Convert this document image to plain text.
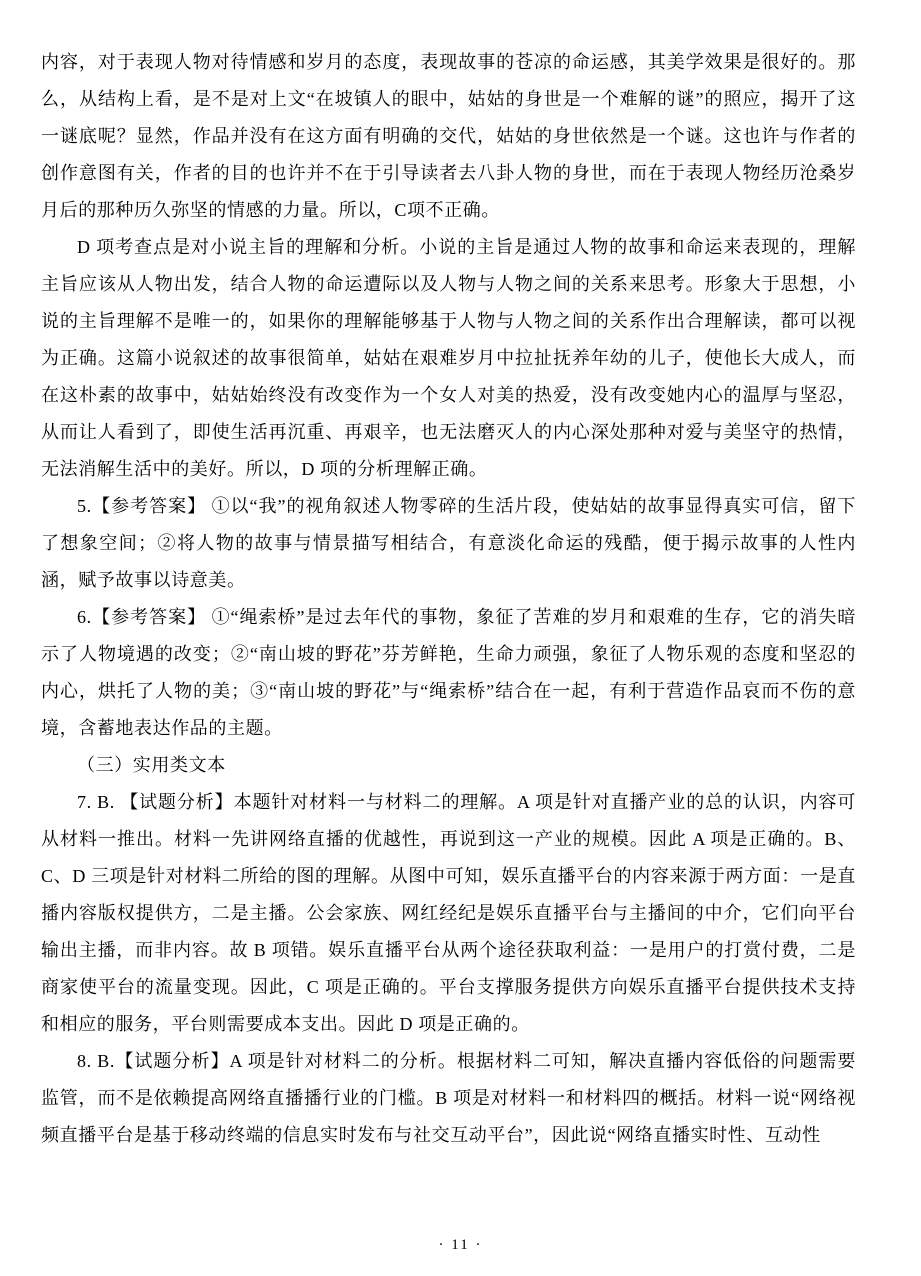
内容，对于表现人物对待情感和岁月的态度，表现故事的苍凉的命运感，其美学效果是很好的。那么，从结构上看，是不是对上文“在坡镇人的眼中，姑姑的身世是一个难解的谜”的照应，揭开了这一谜底呢？显然，作品并没有在这方面有明确的交代，姑姑的身世依然是一个谜。这也许与作者的创作意图有关，作者的目的也许并不在于引导读者去八卦人物的身世，而在于表现人物经历沧桑岁月后的那种历久弥坚的情感的力量。所以，C项不正确。

D 项考查点是对小说主旨的理解和分析。小说的主旨是通过人物的故事和命运来表现的，理解主旨应该从人物出发，结合人物的命运遭际以及人物与人物之间的关系来思考。形象大于思想，小说的主旨理解不是唯一的，如果你的理解能够基于人物与人物之间的关系作出合理解读，都可以视为正确。这篇小说叙述的故事很简单，姑姑在艰难岁月中拉扯抚养年幼的儿子，使他长大成人，而在这朴素的故事中，姑姑始终没有改变作为一个女人对美的热爱，没有改变她内心的温厚与坚忍，从而让人看到了，即使生活再沉重、再艰辛，也无法磨灭人的内心深处那种对爱与美坚守的热情，无法消解生活中的美好。所以，D 项的分析理解正确。

5.【参考答案】 ①以“我”的视角叙述人物零碎的生活片段，使姑姑的故事显得真实可信，留下了想象空间；②将人物的故事与情景描写相结合，有意淡化命运的残酷，便于揭示故事的人性内涵，赋予故事以诗意美。

6.【参考答案】 ①“绳索桥”是过去年代的事物，象征了苦难的岁月和艰难的生存，它的消失暗示了人物境遇的改变；②“南山坡的野花”芬芳鲜艳，生命力顽强，象征了人物乐观的态度和坚忍的内心，烘托了人物的美；③“南山坡的野花”与“绳索桥”结合在一起，有利于营造作品哀而不伤的意境，含蓄地表达作品的主题。

（三）实用类文本

7. B. 【试题分析】本题针对材料一与材料二的理解。A 项是针对直播产业的总的认识，内容可从材料一推出。材料一先讲网络直播的优越性，再说到这一产业的规模。因此 A 项是正确的。B、C、D 三项是针对材料二所给的图的理解。从图中可知，娱乐直播平台的内容来源于两方面：一是直播内容版权提供方，二是主播。公会家族、网红经纪是娱乐直播平台与主播间的中介，它们向平台输出主播，而非内容。故 B 项错。娱乐直播平台从两个途径获取利益：一是用户的打赏付费，二是商家使平台的流量变现。因此，C 项是正确的。平台支撑服务提供方向娱乐直播平台提供技术支持和相应的服务，平台则需要成本支出。因此 D 项是正确的。

8. B.【试题分析】A 项是针对材料二的分析。根据材料二可知，解决直播内容低俗的问题需要监管，而不是依赖提高网络直播播行业的门槛。B 项是对材料一和材料四的概括。材料一说“网络视频直播平台是基于移动终端的信息实时发布与社交互动平台”，因此说“网络直播实时性、互动性

· 11 ·
